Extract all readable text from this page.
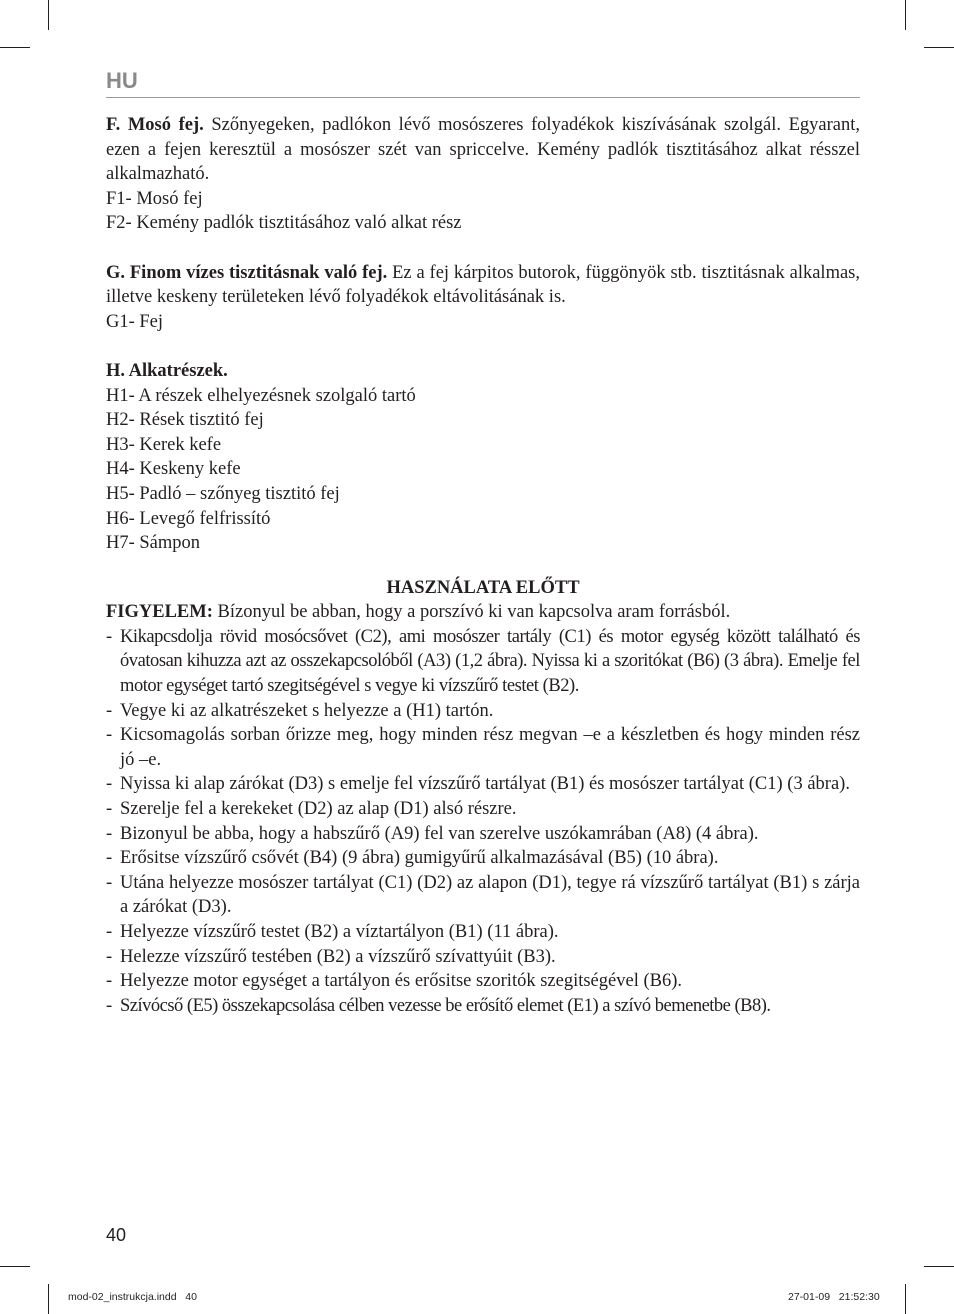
HU

F. Mosó fej. Szőnyegeken, padlókon lévő mosószeres folyadékok kiszívásának szolgál. Egyarant, ezen a fejen keresztül a mosószer szét van spriccelve. Kemény padlók tisztitásához alkat résszel alkalmazható.

F1- Mosó fej

F2- Kemény padlók tisztitásához való alkat rész

G. Finom vízes tisztitásnak való fej. Ez a fej kárpitos butorok, függönyök stb. tisztitásnak alkalmas, illetve keskeny területeken lévő folyadékok eltávolitásának is.

G1- Fej

H. Alkatrészek.

H1- A részek elhelyezésnek szolgaló tartó

H2- Rések tisztitó fej

H3- Kerek kefe

H4- Keskeny kefe

H5- Padló – szőnyeg tisztitó fej

H6- Levegő felfrissító

H7- Sámpon

HASZNÁLATA ELŐTT

FIGYELEM: Bízonyul be abban, hogy a porszívó ki van kapcsolva aram forrásból.

- Kikapcsdolja rövid mosócsővet (C2), ami mosószer tartály (C1) és motor egység között található és óvatosan kihuzza azt az osszekapcsolóből (A3) (1,2 ábra). Nyissa ki a szoritókat (B6) (3 ábra). Emelje fel motor egységet tartó szegitségével s vegye ki vízszűrő testet (B2).
- Vegye ki az alkatrészeket s helyezze a (H1) tartón.
- Kicsomagolás sorban őrizze meg, hogy minden rész megvan –e a készletben és hogy minden rész jó –e.
- Nyissa ki alap zárókat (D3) s emelje fel vízszűrő tartályat (B1) és mosószer tartályat (C1) (3 ábra).
- Szerelje fel a kerekeket (D2) az alap (D1) alsó részre.
- Bizonyul be abba, hogy a habszűrő (A9) fel van szerelve uszókamrában (A8) (4 ábra).
- Erősitse vízszűrő csővét (B4) (9 ábra) gumigyűrű alkalmazásával (B5) (10 ábra).
- Utána helyezze mosószer tartályat (C1) (D2) az alapon (D1), tegye rá vízszűrő tartályat (B1) s zárja a zárókat (D3).
- Helyezze vízszűrő testet (B2) a víztartályon (B1) (11 ábra).
- Helezze vízszűrő testében (B2) a vízszűrő szívattyúit (B3).
- Helyezze motor egységet a tartályon és erősitse szoritók szegitségével (B6).
- Szívócső (E5) összekapcsolása célben vezesse be erősítő elemet (E1) a szívó bemenetbe (B8).
40
mod-02_instrukcja.indd   40	27-01-09   21:52:30
